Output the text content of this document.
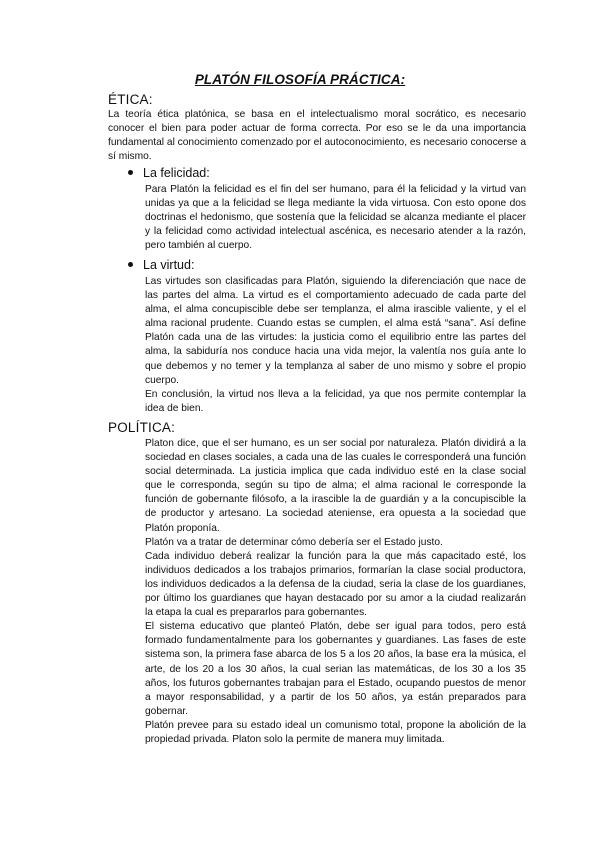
PLATÓN FILOSOFÍA PRÁCTICA:
ÉTICA:

La teoría ética platónica, se basa en el intelectualismo moral socrático, es necesario conocer el bien para poder actuar de forma correcta. Por eso se le da una importancia fundamental al conocimiento comenzado por el autoconocimiento, es necesario conocerse a sí mismo.

La felicidad:

Para Platón la felicidad es el fin del ser humano, para él la felicidad y la virtud van unidas ya que a la felicidad se llega mediante la vida virtuosa. Con esto opone dos doctrinas el hedonismo, que sostenía que la felicidad se alcanza mediante el placer y la felicidad como actividad intelectual ascénica, es necesario atender a la razón, pero también al cuerpo.

La virtud:

Las virtudes son clasificadas para Platón, siguiendo la diferenciación que nace de las partes del alma. La virtud es el comportamiento adecuado de cada parte del alma, el alma concupiscible debe ser templanza, el alma irascible valiente, y el el alma racional prudente. Cuando estas se cumplen, el alma está “sana”. Así define Platón cada una de las virtudes: la justicia como el equilibrio entre las partes del alma, la sabiduría nos conduce hacia una vida mejor, la valentía nos guía ante lo que debemos y no temer y la templanza al saber de uno mismo y sobre el propio cuerpo.

En conclusión, la virtud nos lleva a la felicidad, ya que nos permite contemplar la idea de bien.

POLÍTICA:

Platon dice, que el ser humano, es un ser social por naturaleza. Platón dividirá a la sociedad en clases sociales, a cada una de las cuales le corresponderá una función social determinada. La justicia implica que cada individuo esté en la clase social que le corresponda, según su tipo de alma; el alma racional le corresponde la función de gobernante filósofo, a la irascible la de guardián y a la concupiscible la de productor y artesano. La sociedad ateniense, era opuesta a la sociedad que Platón proponía.

Platón va a tratar de determinar cómo debería ser el Estado justo.

Cada individuo deberá realizar la función para la que más capacitado esté, los individuos dedicados a los trabajos primarios, formarían la clase social productora, los individuos dedicados a la defensa de la ciudad, seria la clase de los guardianes, por último los guardianes que hayan destacado por su amor a la ciudad realizarán la etapa la cual es prepararlos para gobernantes.

El sistema educativo que planteó Platón, debe ser igual para todos, pero está formado fundamentalmente para los gobernantes y guardianes. Las fases de este sistema son, la primera fase abarca de los 5 a los 20 años, la base era la música, el arte, de los 20 a los 30 años, la cual serian las matemáticas, de los 30 a los 35 años, los futuros gobernantes trabajan para el Estado, ocupando puestos de menor a mayor responsabilidad, y a partir de los 50 años, ya están preparados para gobernar.

Platón prevee para su estado ideal un comunismo total, propone la abolición de la propiedad privada. Platon solo la permite de manera muy limitada.
